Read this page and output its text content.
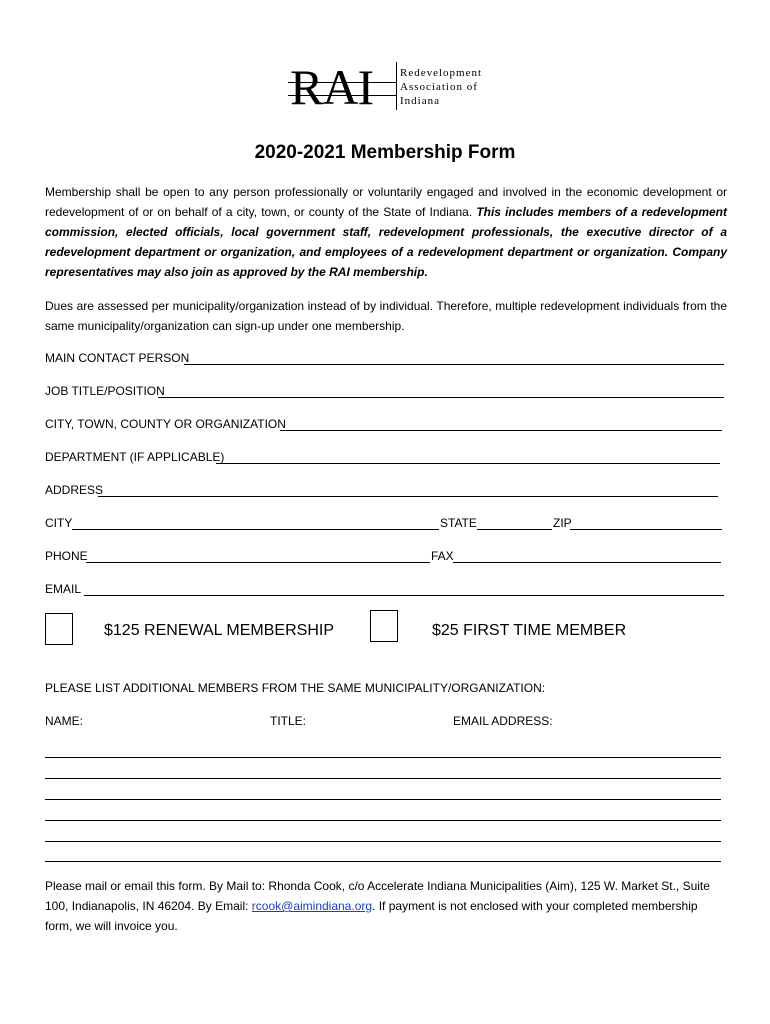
RAI Redevelopment
Association of
Indiana
2020-2021 Membership Form

Membership shall be open to any person professionally or voluntarily engaged and involved in the economic development or redevelopment of or on behalf of a city, town, or county of the State of Indiana. This includes members of a redevelopment commission, elected officials, local government staff, redevelopment professionals, the executive director of a redevelopment department or organization, and employees of a redevelopment department or organization. Company representatives may also join as approved by the RAI membership.

Dues are assessed per municipality/organization instead of by individual. Therefore, multiple redevelopment individuals from the same municipality/organization can sign-up under one membership.

MAIN CONTACT PERSON
JOB TITLE/POSITION
CITY, TOWN, COUNTY OR ORGANIZATION
DEPARTMENT (IF APPLICABLE)
ADDRESS
CITY	STATE	ZIP
PHONE	FAX
EMAIL
$125 RENEWAL MEMBERSHIP	$25 FIRST TIME MEMBER
PLEASE LIST ADDITIONAL MEMBERS FROM THE SAME MUNICIPALITY/ORGANIZATION:
NAME:	TITLE:	EMAIL ADDRESS:

Please mail or email this form. By Mail to: Rhonda Cook, c/o Accelerate Indiana Municipalities (Aim), 125 W. Market St., Suite 100, Indianapolis, IN 46204. By Email: rcook@aimindiana.org. If payment is not enclosed with your completed membership form, we will invoice you.
